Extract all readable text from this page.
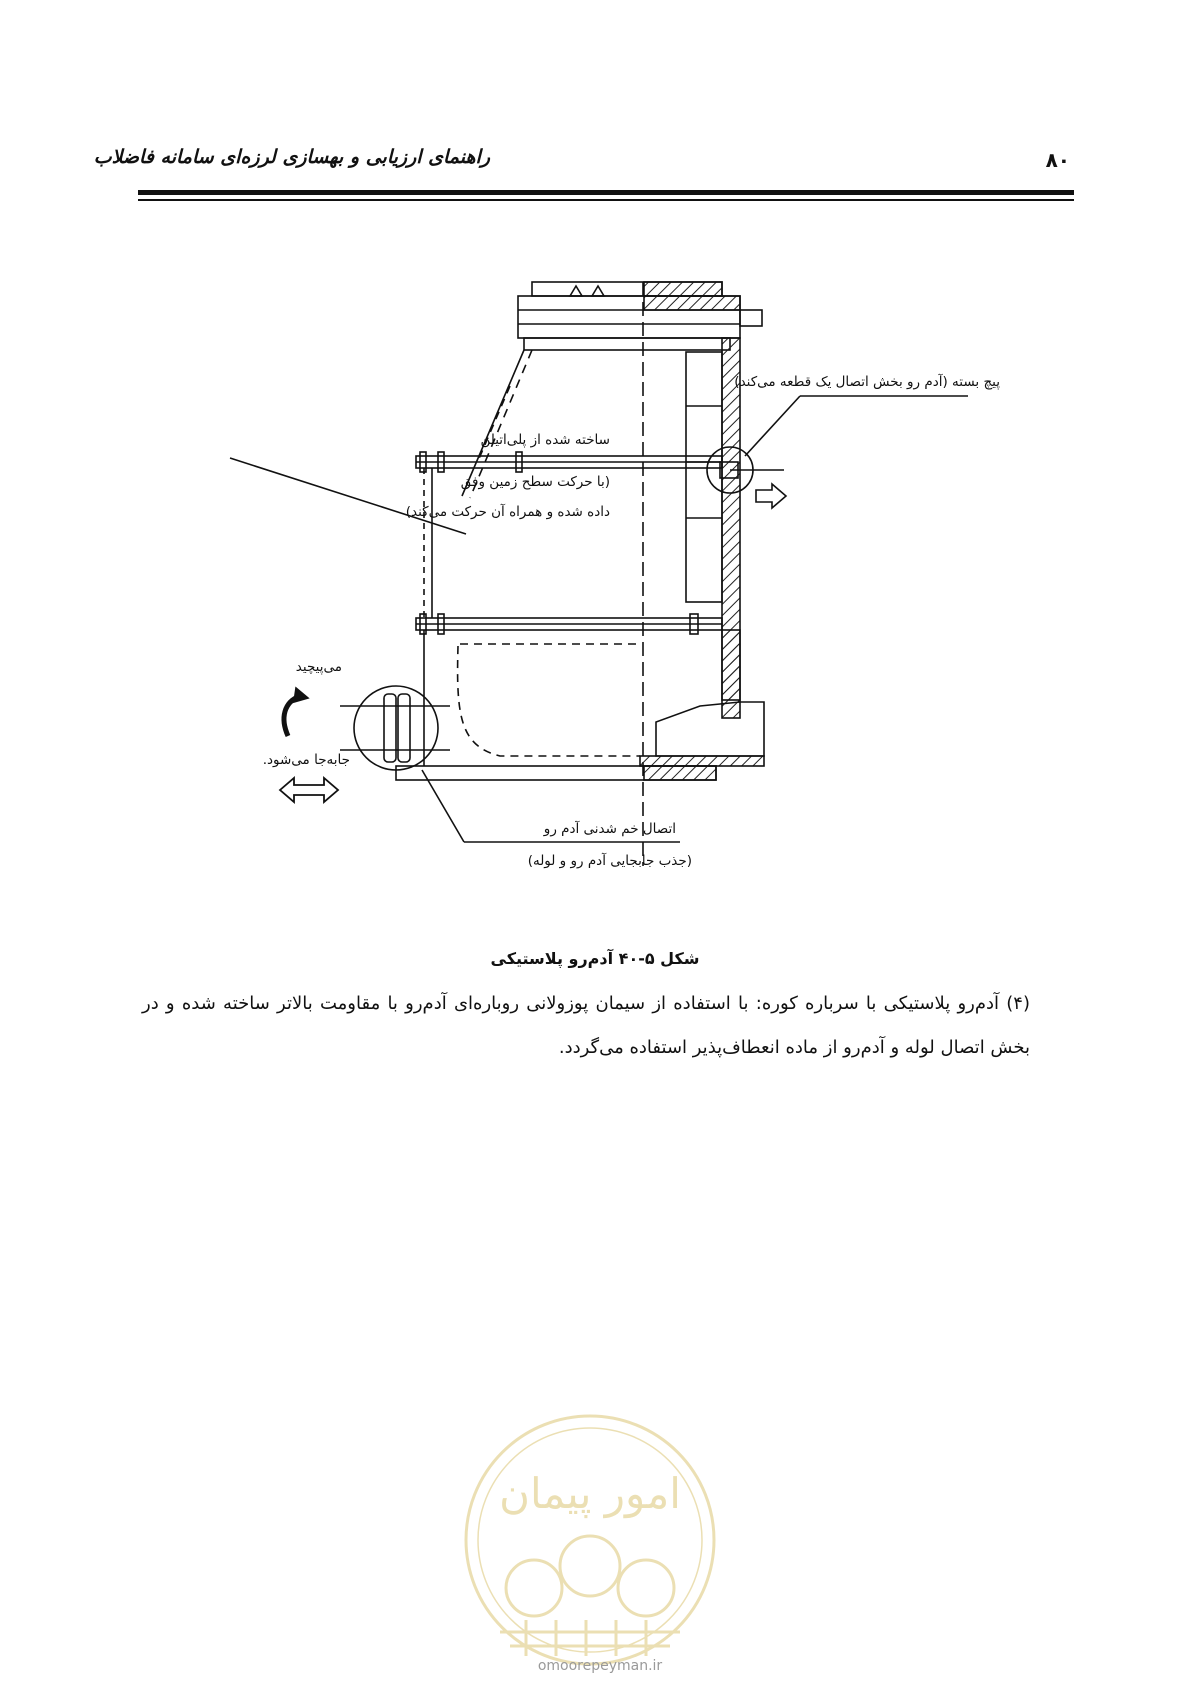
راهنمای ارزیابی و بهسازی لرزه‌ای سامانه فاضلاب	۸۰
پیچ بسته (آدم رو بخش اتصال یک قطعه می‌کند)
ساخته شده از پلی‌اتیلن
(با حرکت سطح زمین وفق
داده شده و همراه آن حرکت می‌کند)
می‌پیچید
جابه‌جا می‌شود.
اتصال خم شدنی آدم رو
(جذب جابجایی آدم رو و لوله)
شکل ۵-۴۰ آدم‌رو پلاستیکی
(۴) آدم‌رو پلاستیکی با سرباره کوره: با استفاده از سیمان پوزولانی روباره‌ای آدم‌رو با مقاومت بالاتر ساخته شده و در بخش اتصال لوله و آدم‌رو از ماده انعطاف‌پذیر استفاده می‌گردد.
امور پیمان
omoorepeyman.ir
